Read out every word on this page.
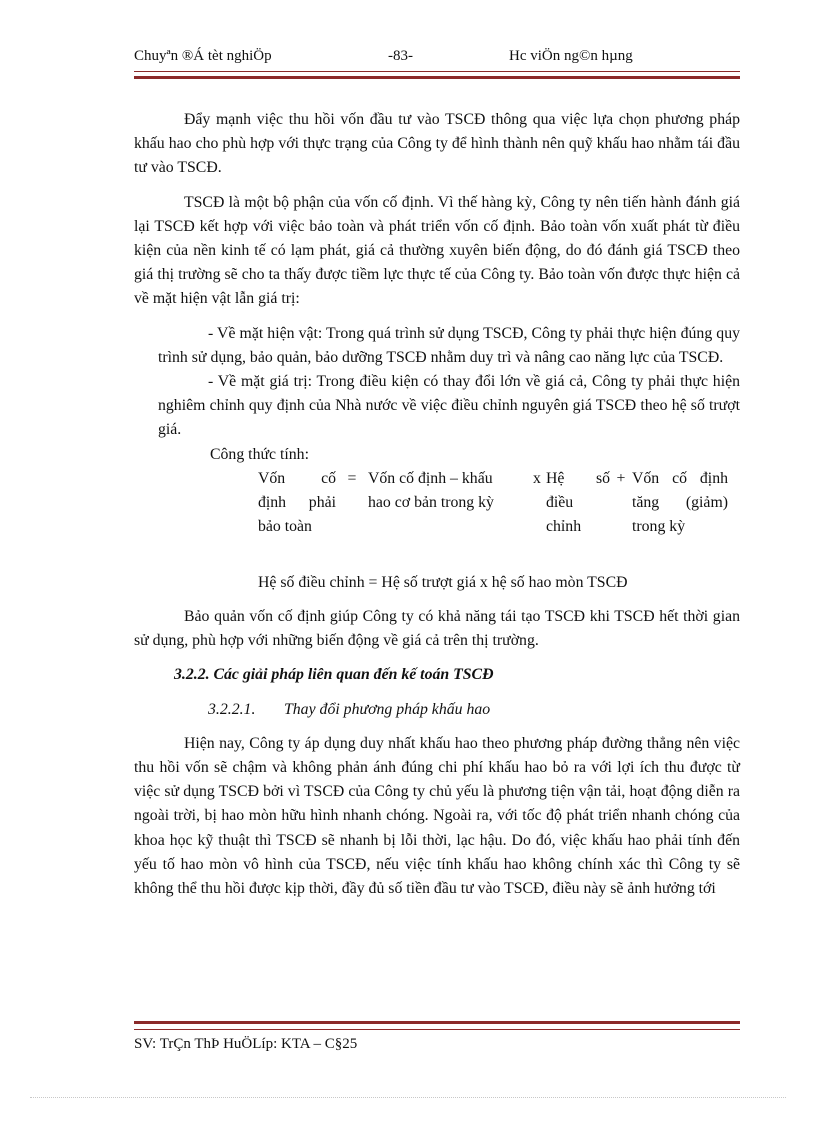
Chuyªn ®Á tèt nghiÖp	-83-	Hc viÖn ng©n hµng

Đẩy mạnh việc thu hồi vốn đầu tư vào TSCĐ thông qua việc lựa chọn phương pháp khấu hao cho phù hợp với thực trạng của Công ty để hình thành nên quỹ khấu hao nhằm tái đầu tư vào TSCĐ.

TSCĐ là một bộ phận của vốn cố định. Vì thế hàng kỳ, Công ty nên tiến hành đánh giá lại TSCĐ kết hợp với việc bảo toàn và phát triển vốn cố định. Bảo toàn vốn xuất phát từ điều kiện của nền kinh tế có lạm phát, giá cả thường xuyên biến động, do đó đánh giá TSCĐ theo giá thị trường sẽ cho ta thấy được tiềm lực thực tế của Công ty. Bảo toàn vốn được thực hiện cả về mặt hiện vật lẫn giá trị:

- Về mặt hiện vật: Trong quá trình sử dụng TSCĐ, Công ty phải thực hiện đúng quy trình sử dụng, bảo quản, bảo dưỡng TSCĐ nhằm duy trì và nâng cao năng lực của TSCĐ.

- Về mặt giá trị: Trong điều kiện có thay đổi lớn về giá cả, Công ty phải thực hiện nghiêm chỉnh quy định của Nhà nước về việc điều chỉnh nguyên giá TSCĐ theo hệ số trượt giá.

Công thức tính:

Vốn cố	=	Vốn cố định – khấu	x	Hệ số	+	Vốn cố định
định phải		hao cơ bản trong kỳ		điều		tăng (giảm)
bảo toàn				chỉnh		trong kỳ

Hệ số điều chỉnh = Hệ số trượt giá x hệ số hao mòn TSCĐ

Bảo quản vốn cố định giúp Công ty có khả năng tái tạo TSCĐ khi TSCĐ hết thời gian sử dụng, phù hợp với những biến động về giá cả trên thị trường.

3.2.2. Các giải pháp liên quan đến kế toán TSCĐ

3.2.2.1. Thay đổi phương pháp khấu hao

Hiện nay, Công ty áp dụng duy nhất khấu hao theo phương pháp đường thẳng nên việc thu hồi vốn sẽ chậm và không phản ánh đúng chi phí khấu hao bỏ ra với lợi ích thu được từ việc sử dụng TSCĐ bởi vì TSCĐ của Công ty chủ yếu là phương tiện vận tải, hoạt động diễn ra ngoài trời, bị hao mòn hữu hình nhanh chóng. Ngoài ra, với tốc độ phát triển nhanh chóng của khoa học kỹ thuật thì TSCĐ sẽ nhanh bị lỗi thời, lạc hậu. Do đó, việc khấu hao phải tính đến yếu tố hao mòn vô hình của TSCĐ, nếu việc tính khấu hao không chính xác thì Công ty sẽ không thể thu hồi được kịp thời, đầy đủ số tiền đầu tư vào TSCĐ, điều này sẽ ảnh hưởng tới

SV: TrÇn ThÞ HuÖLíp: KTA – C§25
